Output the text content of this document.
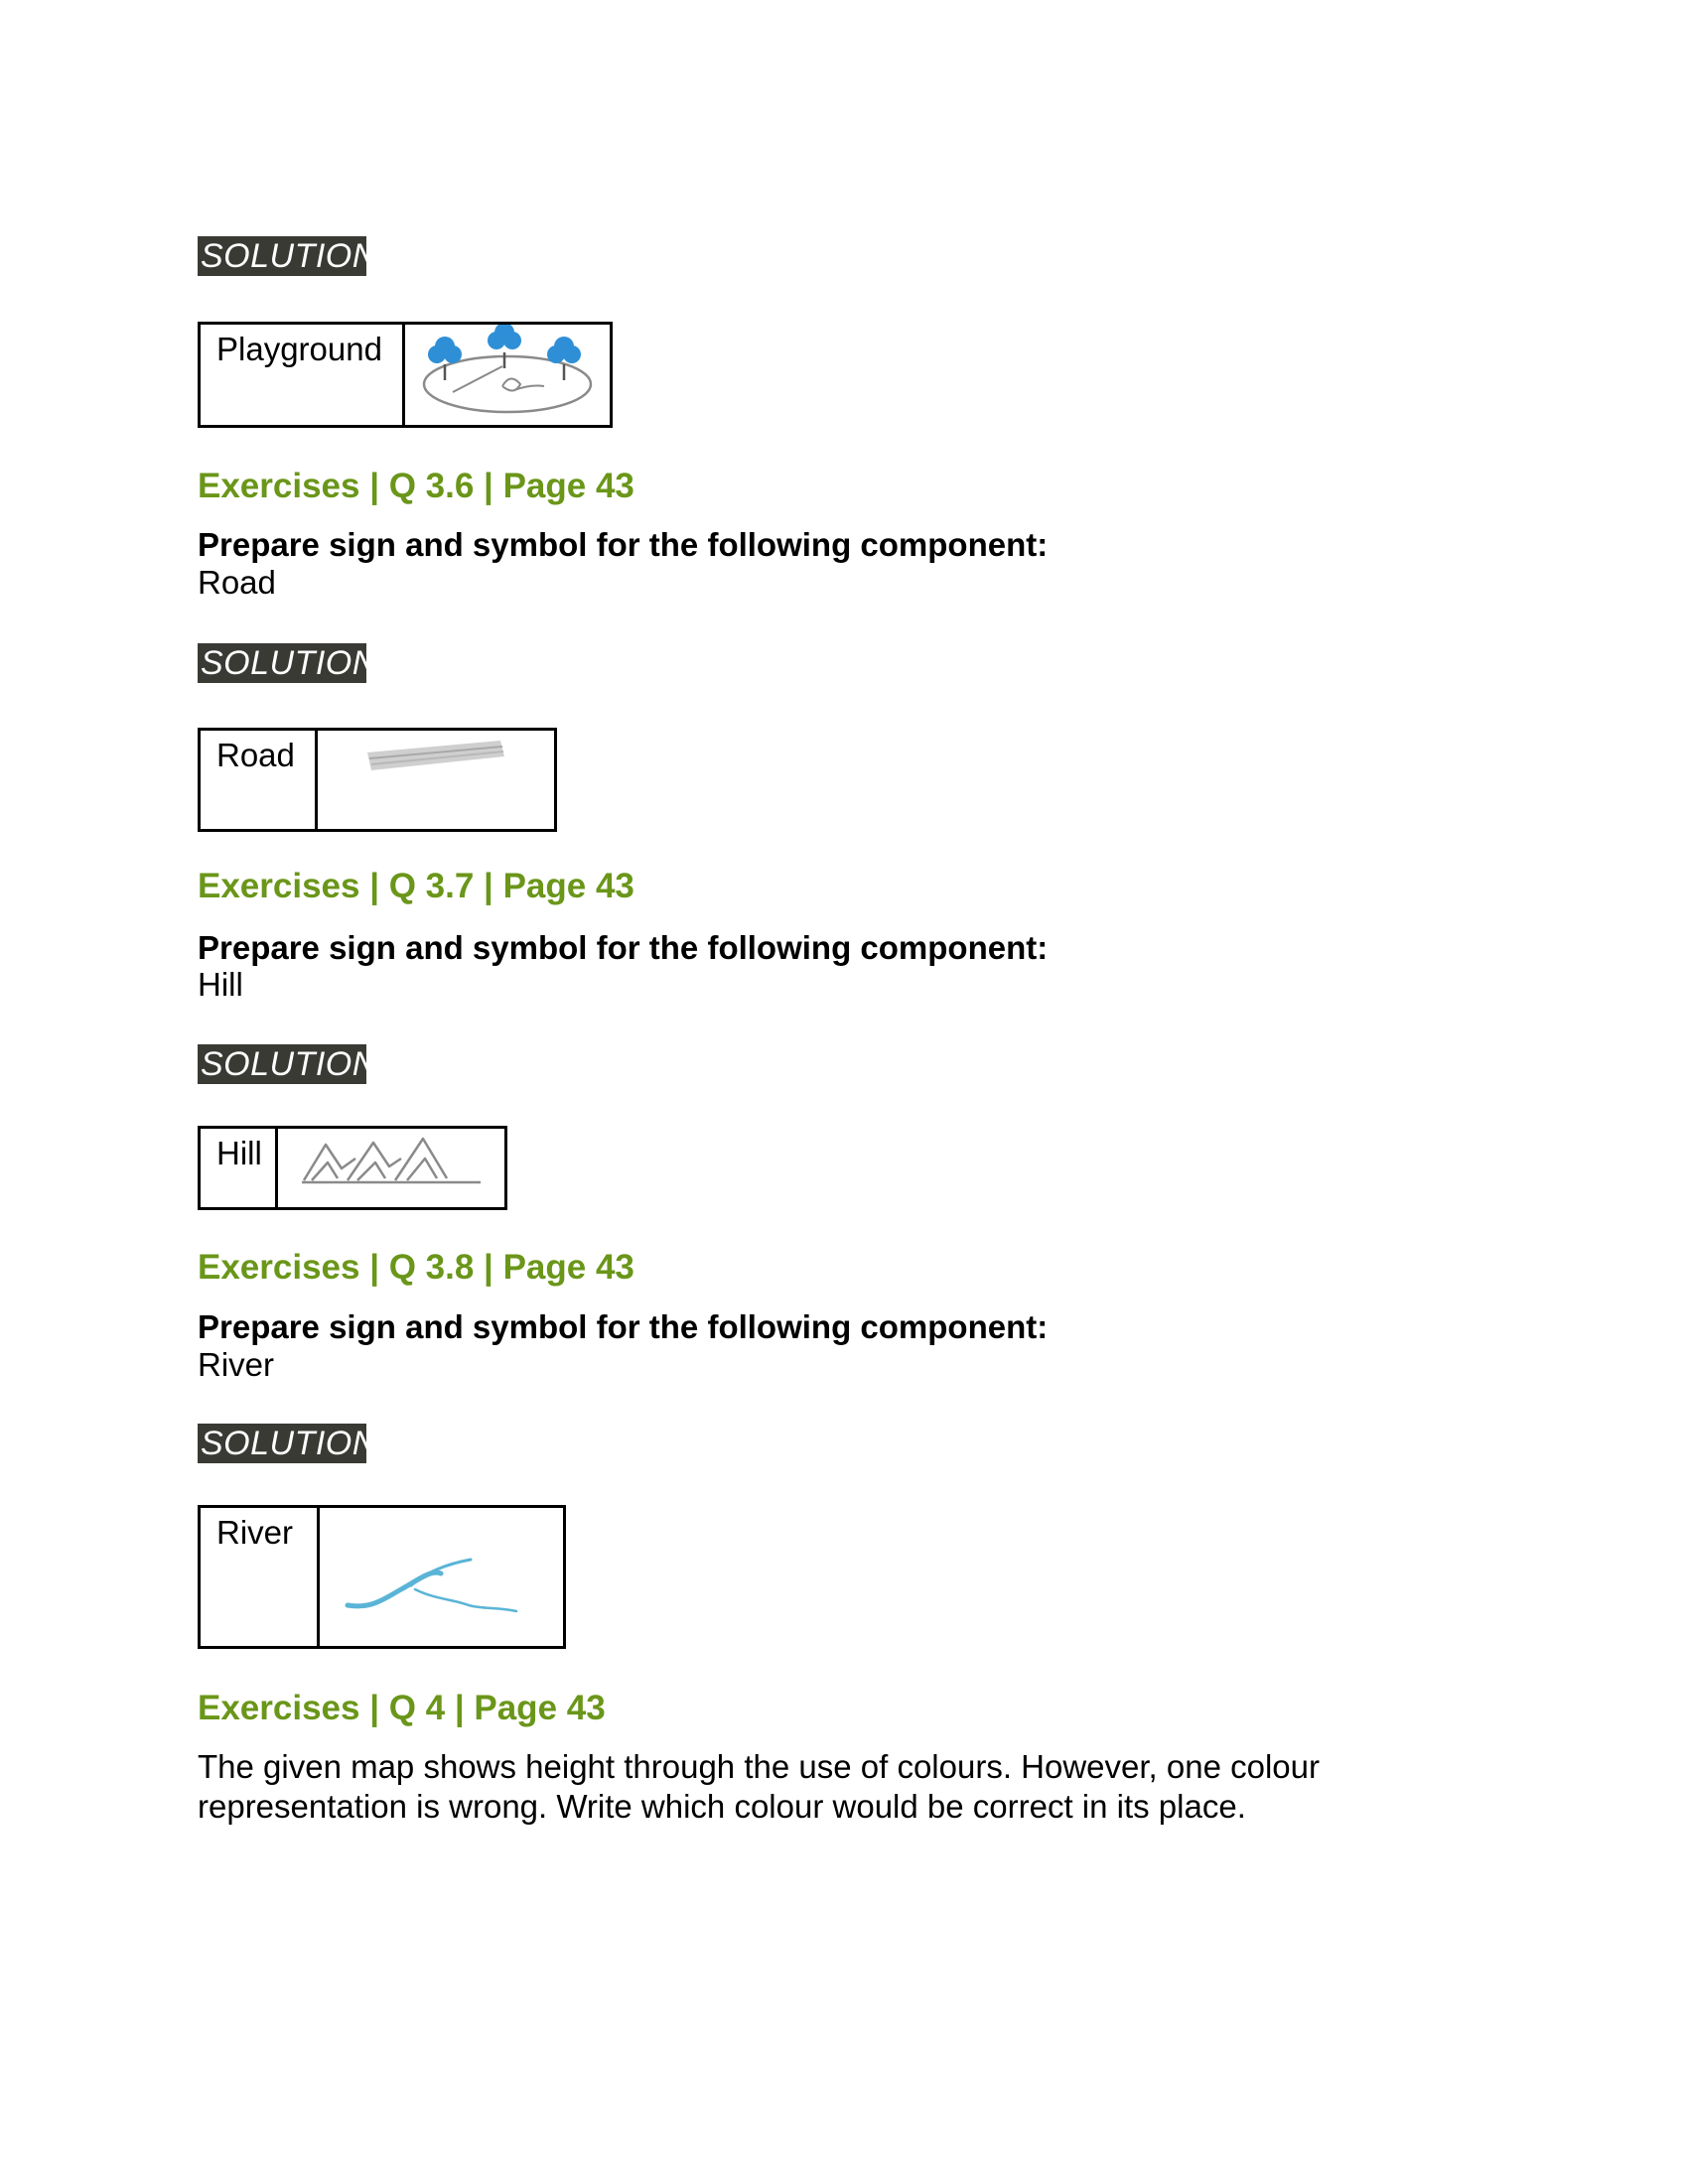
SOLUTION
Playground
Exercises | Q 3.6 | Page 43
Prepare sign and symbol for the following component:
Road
SOLUTION
Road
Exercises | Q 3.7 | Page 43
Prepare sign and symbol for the following component:
Hill
SOLUTION
Hill
Exercises | Q 3.8 | Page 43
Prepare sign and symbol for the following component:
River
SOLUTION
River
Exercises | Q 4 | Page 43
The given map shows height through the use of colours. However, one colour
representation is wrong. Write which colour would be correct in its place.
